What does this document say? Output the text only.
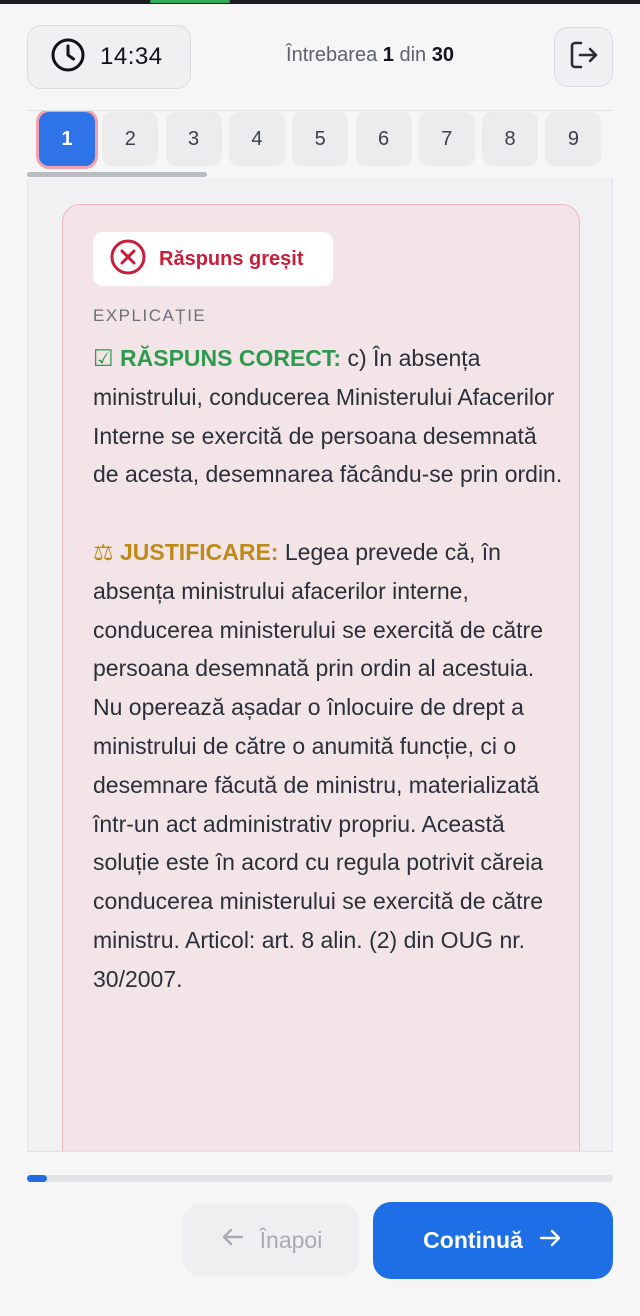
14:34	Întrebarea 1 din 30
1	2	3	4	5	6	7	8	9
Răspuns greșit
EXPLICAȚIE
☑ RĂSPUNS CORECT: c) În absența ministrului, conducerea Ministerului Afacerilor Interne se exercită de persoana desemnată de acesta, desemnarea făcându-se prin ordin.
⚖ JUSTIFICARE: Legea prevede că, în absența ministrului afacerilor interne, conducerea ministerului se exercită de către persoana desemnată prin ordin al acestuia. Nu operează așadar o înlocuire de drept a ministrului de către o anumită funcție, ci o desemnare făcută de ministru, materializată într-un act administrativ propriu. Această soluție este în acord cu regula potrivit căreia conducerea ministerului se exercită de către ministru. Articol: art. 8 alin. (2) din OUG nr. 30/2007.
Înapoi	Continuă
